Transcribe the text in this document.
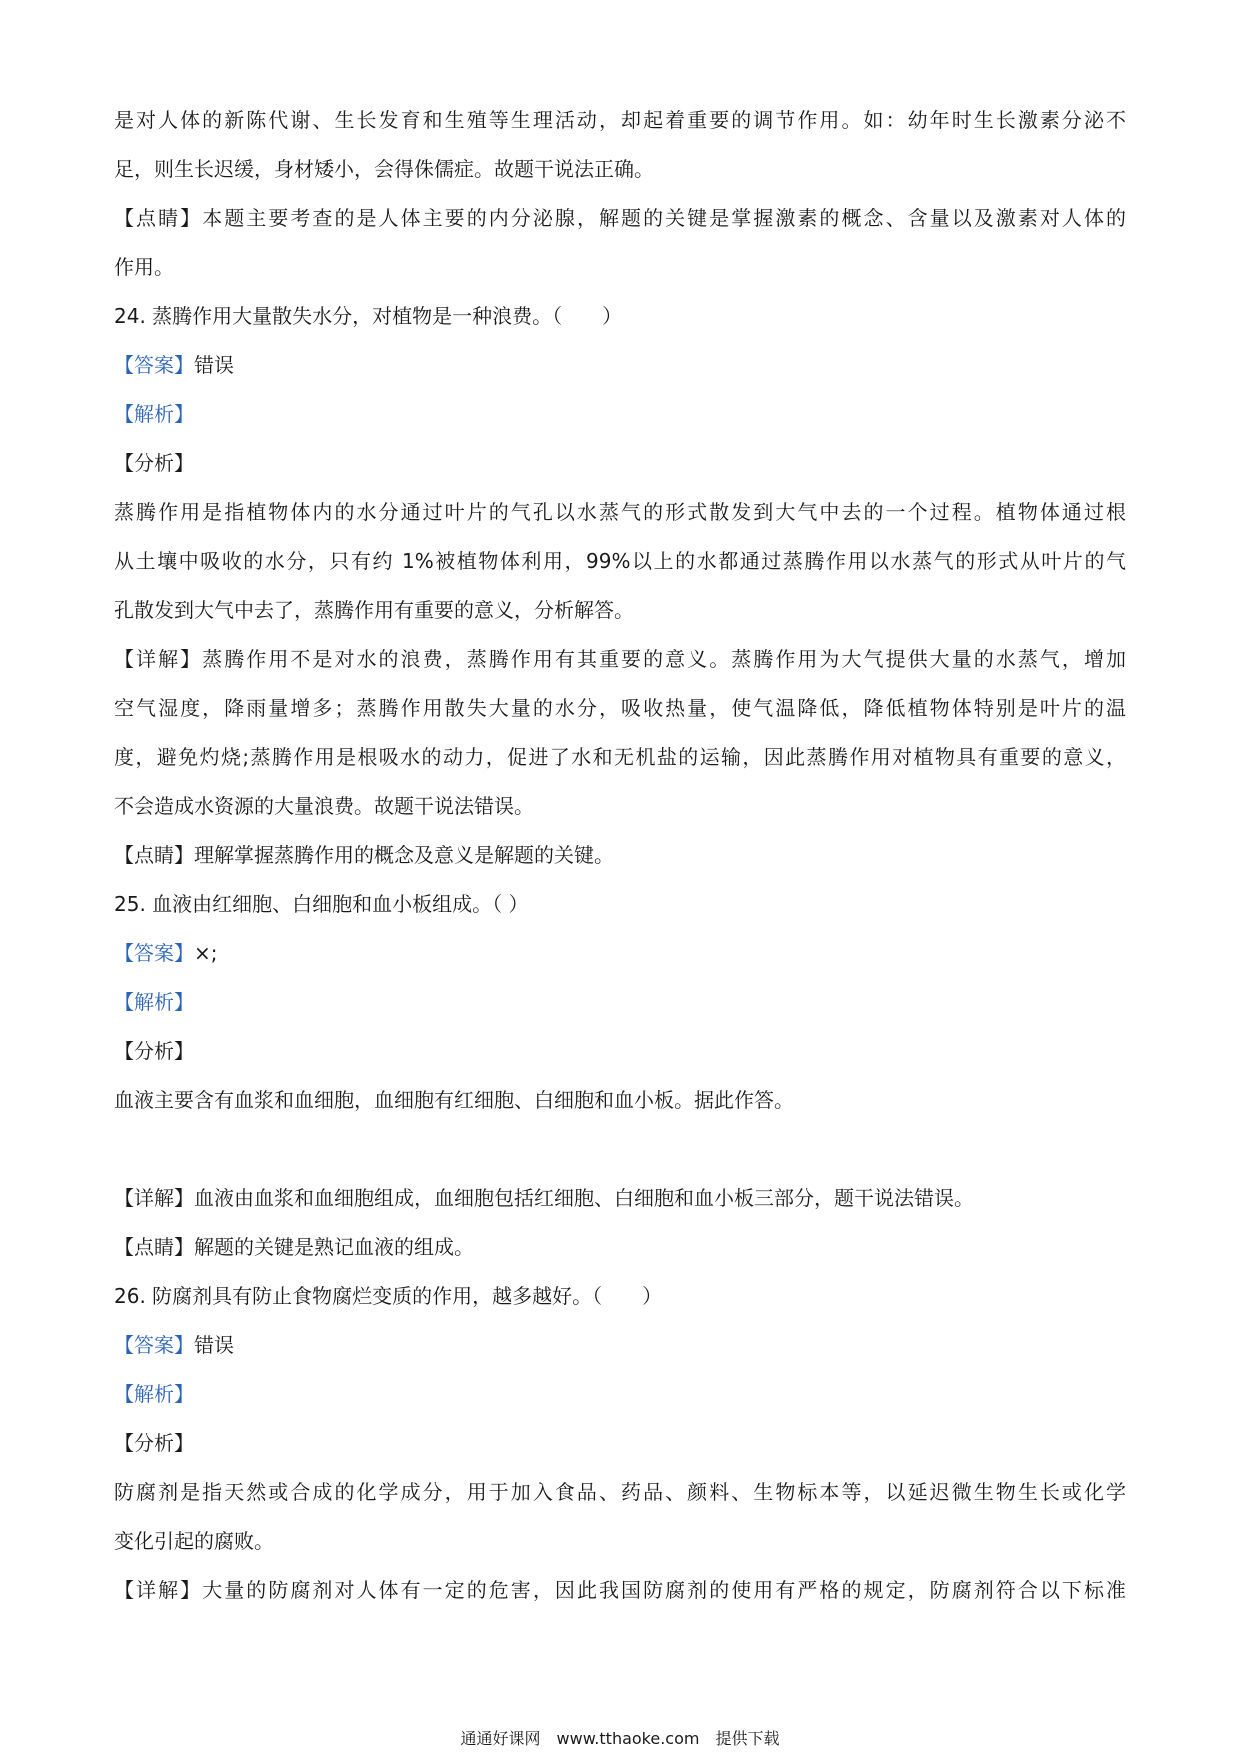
是对人体的新陈代谢、生长发育和生殖等生理活动，却起着重要的调节作用。如：幼年时生长激素分泌不
足，则生长迟缓，身材矮小，会得侏儒症。故题干说法正确。
【点睛】本题主要考查的是人体主要的内分泌腺，解题的关键是掌握激素的概念、含量以及激素对人体的
作用。
24. 蒸腾作用大量散失水分，对植物是一种浪费。（　　）
【答案】错误
【解析】
【分析】
蒸腾作用是指植物体内的水分通过叶片的气孔以水蒸气的形式散发到大气中去的一个过程。植物体通过根
从土壤中吸收的水分，只有约 1%被植物体利用，99%以上的水都通过蒸腾作用以水蒸气的形式从叶片的气
孔散发到大气中去了，蒸腾作用有重要的意义，分析解答。
【详解】蒸腾作用不是对水的浪费，蒸腾作用有其重要的意义。蒸腾作用为大气提供大量的水蒸气，增加
空气湿度，降雨量增多；蒸腾作用散失大量的水分，吸收热量，使气温降低，降低植物体特别是叶片的温
度，避免灼烧;蒸腾作用是根吸水的动力，促进了水和无机盐的运输，因此蒸腾作用对植物具有重要的意义，
不会造成水资源的大量浪费。故题干说法错误。
【点睛】理解掌握蒸腾作用的概念及意义是解题的关键。
25. 血液由红细胞、白细胞和血小板组成。（ ）
【答案】×;
【解析】
【分析】
血液主要含有血浆和血细胞，血细胞有红细胞、白细胞和血小板。据此作答。
【详解】血液由血浆和血细胞组成，血细胞包括红细胞、白细胞和血小板三部分，题干说法错误。
【点睛】解题的关键是熟记血液的组成。
26. 防腐剂具有防止食物腐烂变质的作用，越多越好。（　　）
【答案】错误
【解析】
【分析】
防腐剂是指天然或合成的化学成分，用于加入食品、药品、颜料、生物标本等，以延迟微生物生长或化学
变化引起的腐败。
【详解】大量的防腐剂对人体有一定的危害，因此我国防腐剂的使用有严格的规定，防腐剂符合以下标准
通通好课网　www.tthaoke.com　提供下载
